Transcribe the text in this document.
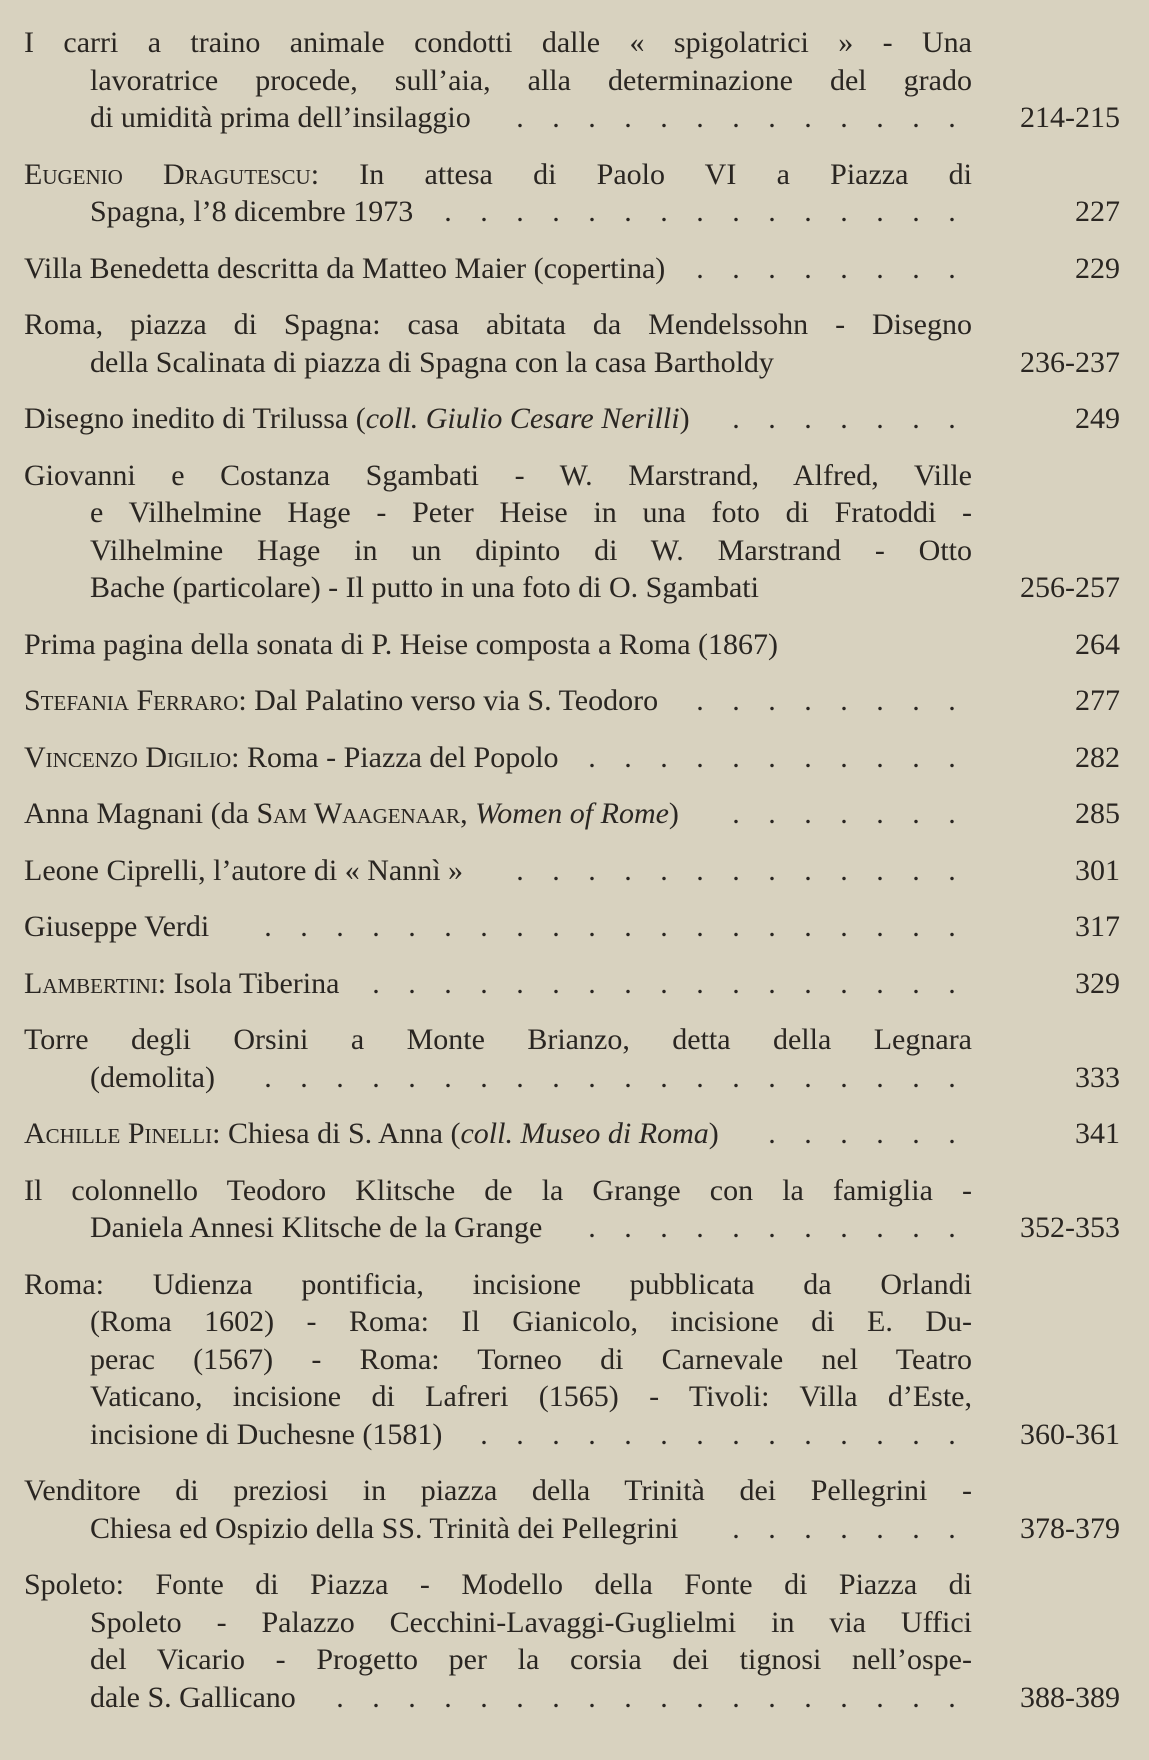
I carri a traino animale condotti dalle « spigolatrici » - Una
lavoratrice procede, sull’aia, alla determinazione del grado
di umidità prima dell’insilaggio	. . . . . . . . . . . . .	214-215
Eugenio Dragutescu: In attesa di Paolo VI a Piazza di
Spagna, l’8 dicembre 1973	. . . . . . . . . . . . . . .	227
Villa Benedetta descritta da Matteo Maier (copertina)	. . . . . . . .	229
Roma, piazza di Spagna: casa abitata da Mendelssohn - Disegno
della Scalinata di piazza di Spagna con la casa Bartholdy	236-237
Disegno inedito di Trilussa (coll. Giulio Cesare Nerilli)	. . . . . . .	249
Giovanni e Costanza Sgambati - W. Marstrand, Alfred, Ville
e Vilhelmine Hage - Peter Heise in una foto di Fratoddi -
Vilhelmine Hage in un dipinto di W. Marstrand - Otto
Bache (particolare) - Il putto in una foto di O. Sgambati	256-257
Prima pagina della sonata di P. Heise composta a Roma (1867)	264
Stefania Ferraro: Dal Palatino verso via S. Teodoro	. . . . . . . .	277
Vincenzo Digilio: Roma - Piazza del Popolo . . . . . . . . . . .	282
Anna Magnani (da Sam Waagenaar, Women of Rome)	. . . . . . .	285
Leone Ciprelli, l’autore di « Nannì »	. . . . . . . . . . . . .	301
Giuseppe Verdi	. . . . . . . . . . . . . . . . . . . .	317
Lambertini: Isola Tiberina	. . . . . . . . . . . . . . . . .	329
Torre degli Orsini a Monte Brianzo, detta della Legnara
(demolita)	. . . . . . . . . . . . . . . . . . . .	333
Achille Pinelli: Chiesa di S. Anna (coll. Museo di Roma)	. . . . . .	341
Il colonnello Teodoro Klitsche de la Grange con la famiglia -
Daniela Annesi Klitsche de la Grange	. . . . . . . . . . .	352-353
Roma: Udienza pontificia, incisione pubblicata da Orlandi
(Roma 1602) - Roma: Il Gianicolo, incisione di E. Du-
perac (1567) - Roma: Torneo di Carnevale nel Teatro
Vaticano, incisione di Lafreri (1565) - Tivoli: Villa d’Este,
incisione di Duchesne (1581)	. . . . . . . . . . . . . .	360-361
Venditore di preziosi in piazza della Trinità dei Pellegrini -
Chiesa ed Ospizio della SS. Trinità dei Pellegrini	. . . . . . .	378-379
Spoleto: Fonte di Piazza - Modello della Fonte di Piazza di
Spoleto - Palazzo Cecchini-Lavaggi-Guglielmi in via Uffici
del Vicario - Progetto per la corsia dei tignosi nell’ospe-
dale S. Gallicano	. . . . . . . . . . . . . . . . . .	388-389
